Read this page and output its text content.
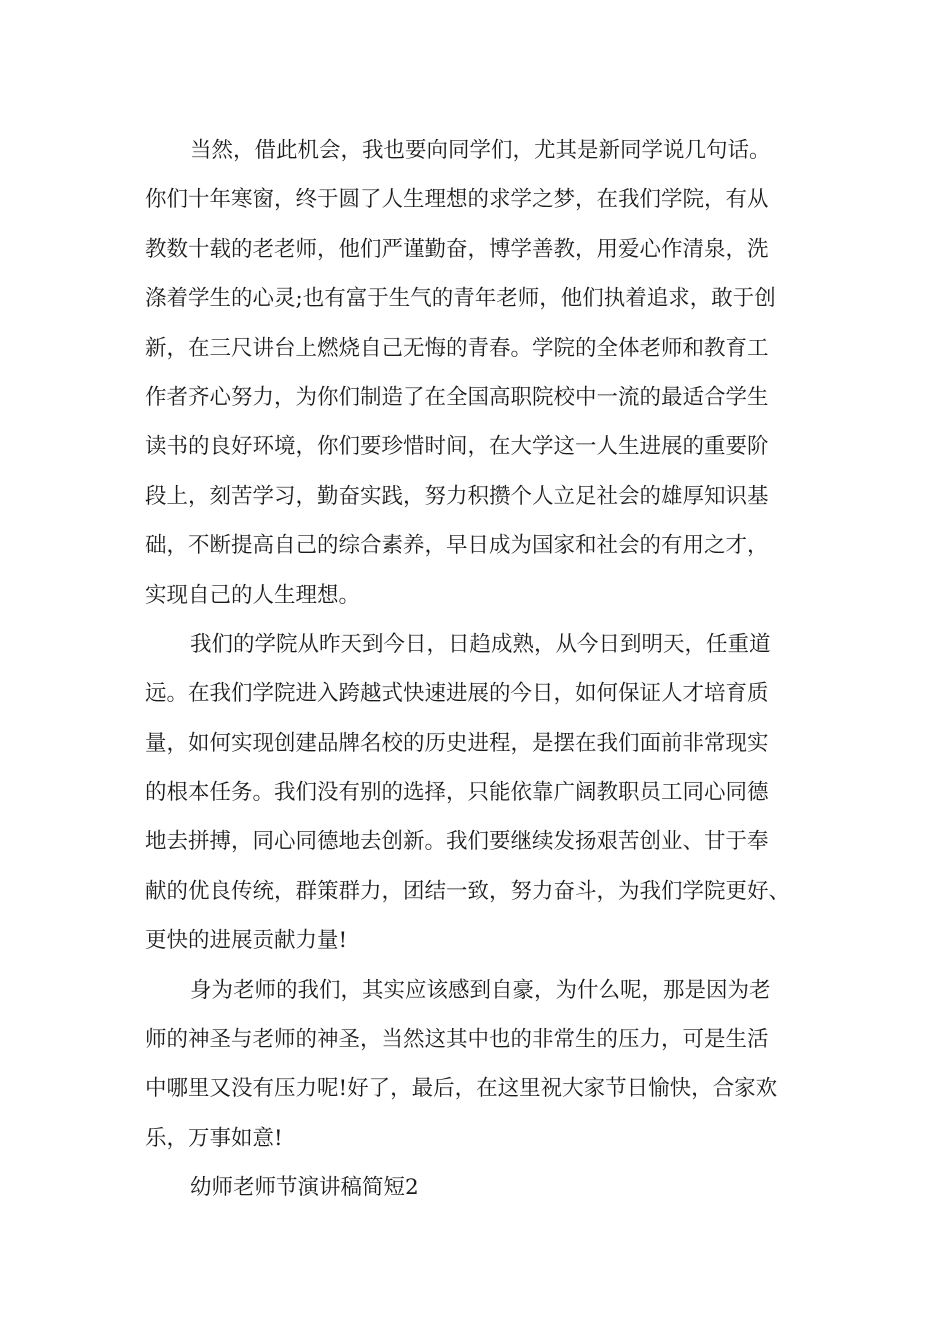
当然，借此机会，我也要向同学们，尤其是新同学说几句话。
你们十年寒窗，终于圆了人生理想的求学之梦，在我们学院，有从
教数十载的老老师，他们严谨勤奋，博学善教，用爱心作清泉，洗
涤着学生的心灵;也有富于生气的青年老师，他们执着追求，敢于创
新，在三尺讲台上燃烧自己无悔的青春。学院的全体老师和教育工
作者齐心努力，为你们制造了在全国高职院校中一流的最适合学生
读书的良好环境，你们要珍惜时间，在大学这一人生进展的重要阶
段上，刻苦学习，勤奋实践，努力积攒个人立足社会的雄厚知识基
础，不断提高自己的综合素养，早日成为国家和社会的有用之才，
实现自己的人生理想。
我们的学院从昨天到今日，日趋成熟，从今日到明天，任重道
远。在我们学院进入跨越式快速进展的今日，如何保证人才培育质
量，如何实现创建品牌名校的历史进程，是摆在我们面前非常现实
的根本任务。我们没有别的选择，只能依靠广阔教职员工同心同德
地去拼搏，同心同德地去创新。我们要继续发扬艰苦创业、甘于奉
献的优良传统，群策群力，团结一致，努力奋斗，为我们学院更好、
更快的进展贡献力量!
身为老师的我们，其实应该感到自豪，为什么呢，那是因为老
师的神圣与老师的神圣，当然这其中也的非常生的压力，可是生活
中哪里又没有压力呢!好了，最后，在这里祝大家节日愉快，合家欢
乐，万事如意!
幼师老师节演讲稿简短2
